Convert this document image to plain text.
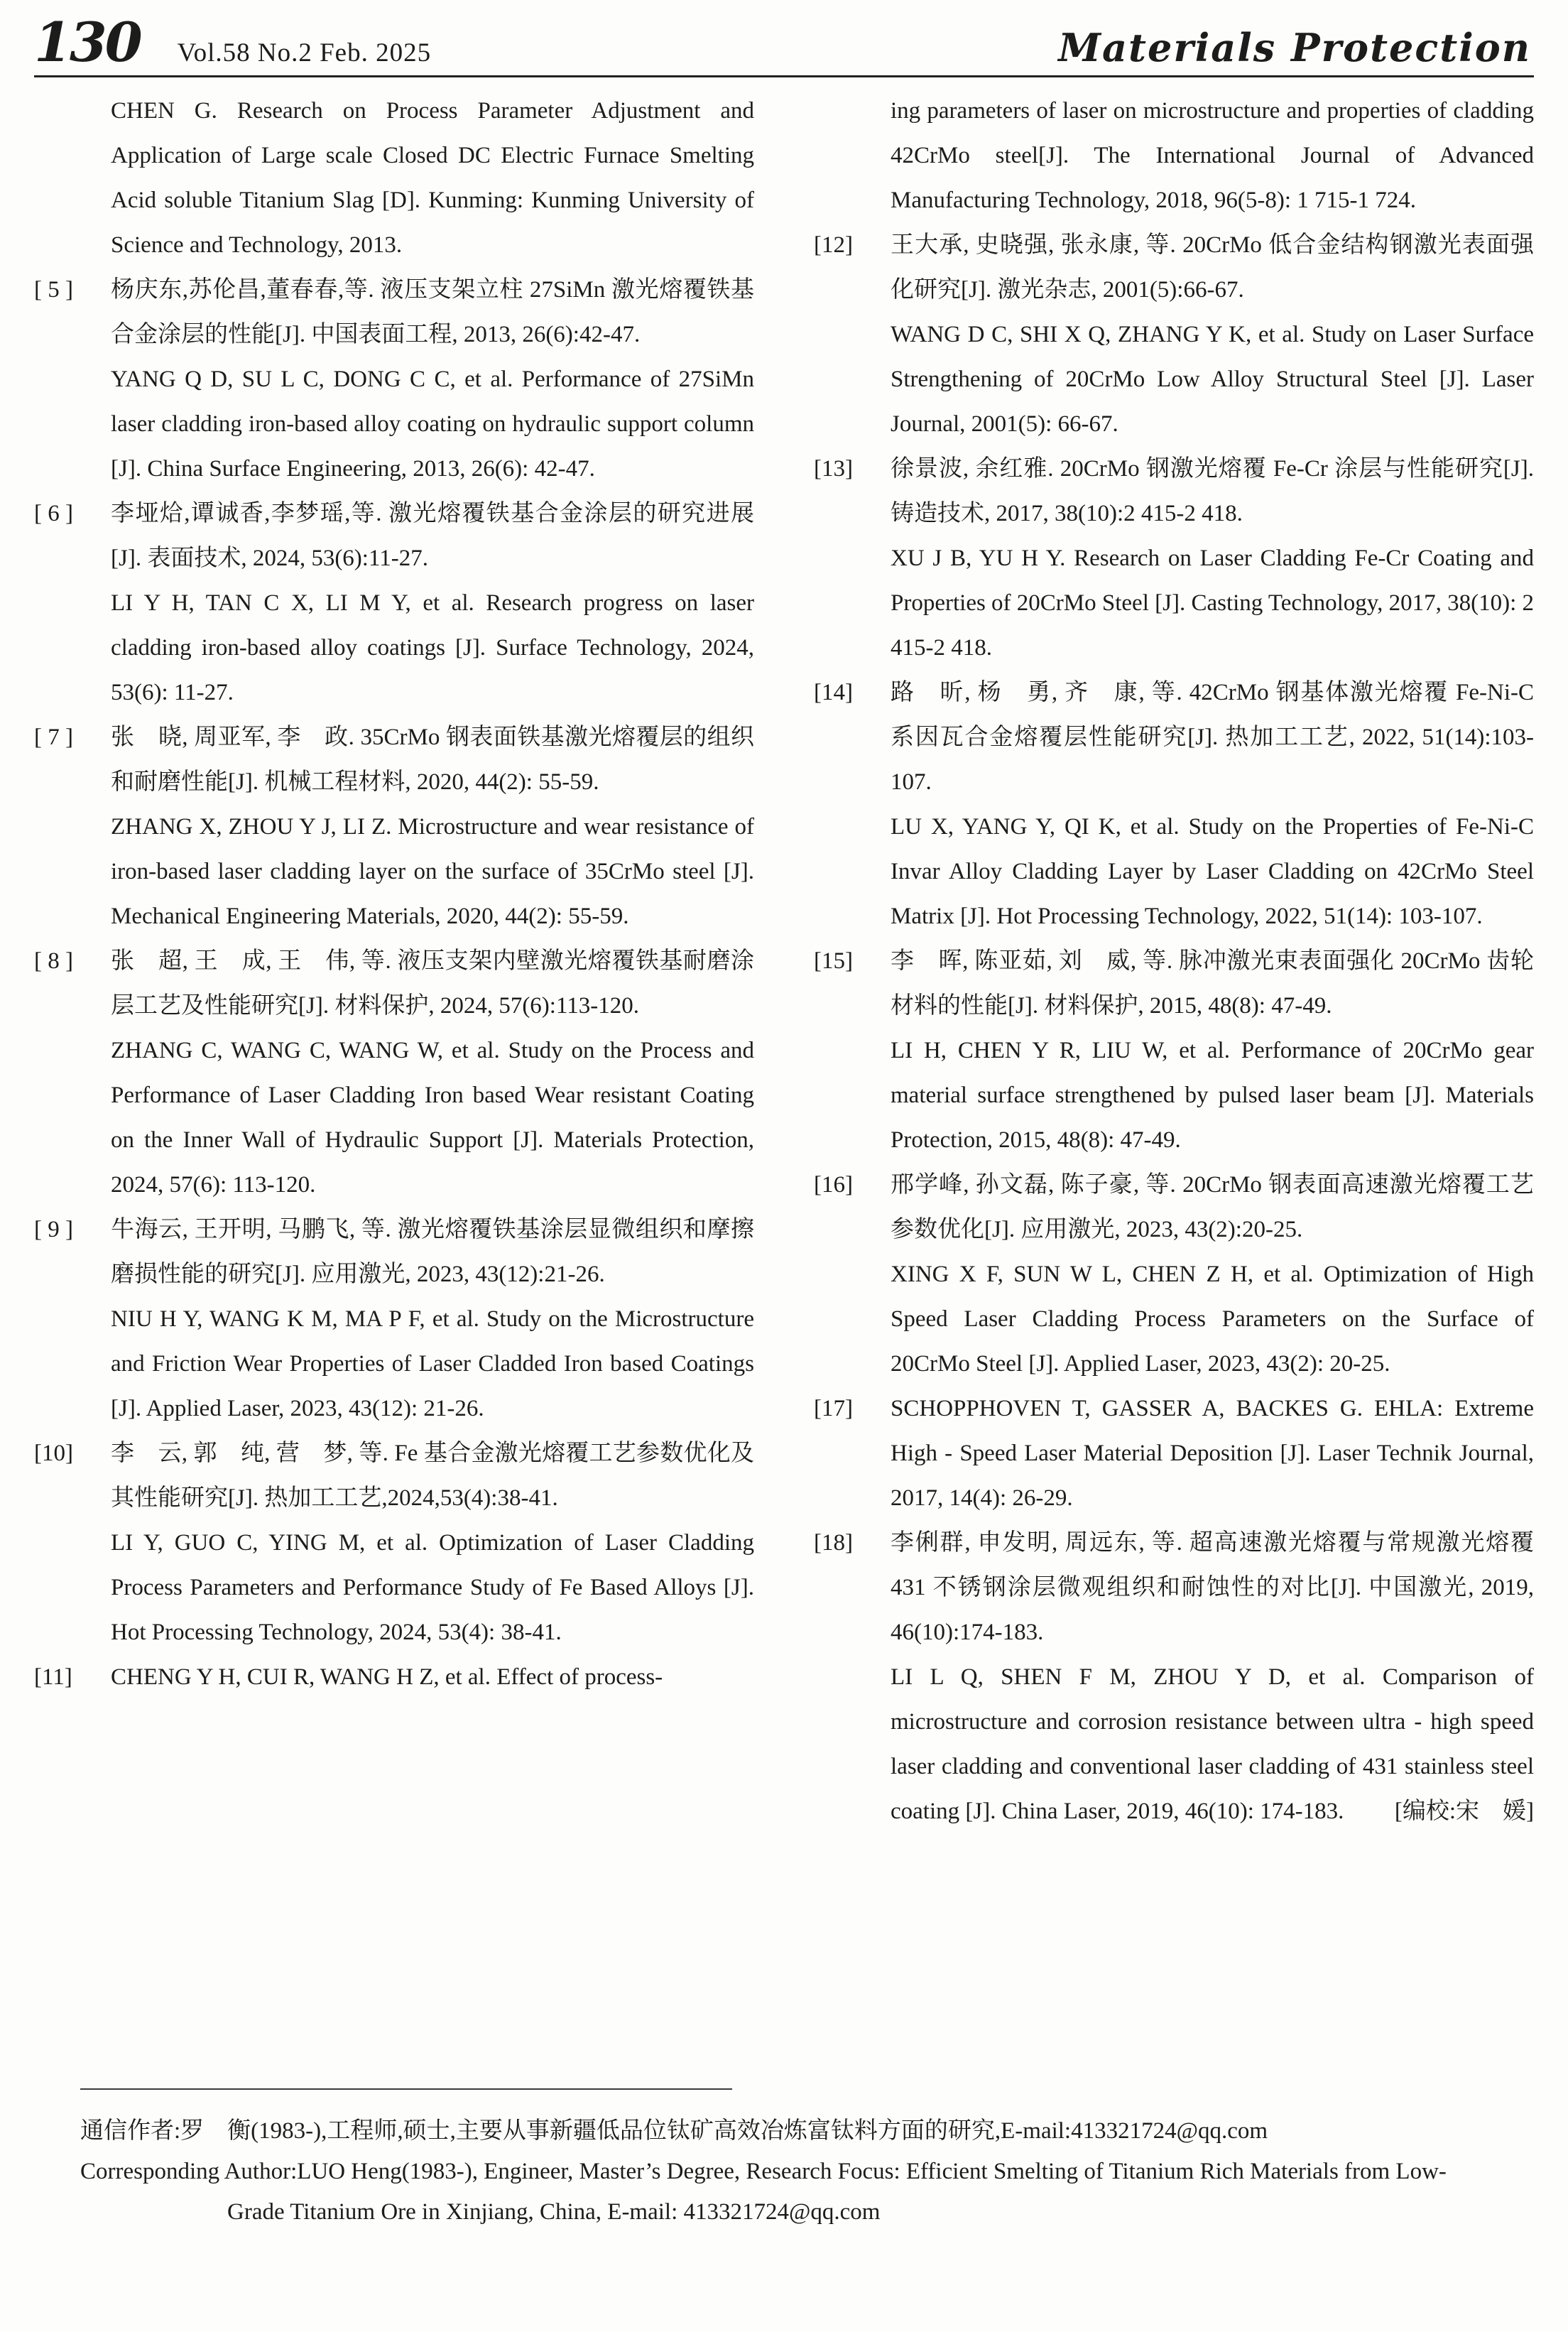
130 Vol.58 No.2 Feb. 2025	Materials Protection
CHEN G. Research on Process Parameter Adjustment and Application of Large scale Closed DC Electric Furnace Smelting Acid soluble Titanium Slag [D]. Kunming: Kunming University of Science and Technology, 2013.
[ 5 ]	杨庆东,苏伦昌,董春春,等. 液压支架立柱 27SiMn 激光熔覆铁基合金涂层的性能[J]. 中国表面工程, 2013, 26(6):42-47.
YANG Q D, SU L C, DONG C C, et al. Performance of 27SiMn laser cladding iron-based alloy coating on hydraulic support column [J]. China Surface Engineering, 2013, 26(6): 42-47.
[ 6 ]	李垭烚,谭诚香,李梦瑶,等. 激光熔覆铁基合金涂层的研究进展[J]. 表面技术, 2024, 53(6):11-27.
LI Y H, TAN C X, LI M Y, et al. Research progress on laser cladding iron-based alloy coatings [J]. Surface Technology, 2024, 53(6): 11-27.
[ 7 ]	张　晓, 周亚军, 李　政. 35CrMo 钢表面铁基激光熔覆层的组织和耐磨性能[J]. 机械工程材料, 2020, 44(2): 55-59.
ZHANG X, ZHOU Y J, LI Z. Microstructure and wear resistance of iron-based laser cladding layer on the surface of 35CrMo steel [J]. Mechanical Engineering Materials, 2020, 44(2): 55-59.
[ 8 ]	张　超, 王　成, 王　伟, 等. 液压支架内壁激光熔覆铁基耐磨涂层工艺及性能研究[J]. 材料保护, 2024, 57(6):113-120.
ZHANG C, WANG C, WANG W, et al. Study on the Process and Performance of Laser Cladding Iron based Wear resistant Coating on the Inner Wall of Hydraulic Support [J]. Materials Protection, 2024, 57(6): 113-120.
[ 9 ]	牛海云, 王开明, 马鹏飞, 等. 激光熔覆铁基涂层显微组织和摩擦磨损性能的研究[J]. 应用激光, 2023, 43(12):21-26.
NIU H Y, WANG K M, MA P F, et al. Study on the Microstructure and Friction Wear Properties of Laser Cladded Iron based Coatings [J]. Applied Laser, 2023, 43(12): 21-26.
[10]	李　云, 郭　纯, 营　梦, 等. Fe 基合金激光熔覆工艺参数优化及其性能研究[J]. 热加工工艺,2024,53(4):38-41.
LI Y, GUO C, YING M, et al. Optimization of Laser Cladding Process Parameters and Performance Study of Fe Based Alloys [J]. Hot Processing Technology, 2024, 53(4): 38-41.
[11]	CHENG Y H, CUI R, WANG H Z, et al. Effect of process-
ing parameters of laser on microstructure and properties of cladding 42CrMo steel[J]. The International Journal of Advanced Manufacturing Technology, 2018, 96(5-8): 1 715-1 724.
[12]	王大承, 史晓强, 张永康, 等. 20CrMo 低合金结构钢激光表面强化研究[J]. 激光杂志, 2001(5):66-67.
WANG D C, SHI X Q, ZHANG Y K, et al. Study on Laser Surface Strengthening of 20CrMo Low Alloy Structural Steel [J]. Laser Journal, 2001(5): 66-67.
[13]	徐景波, 余红雅. 20CrMo 钢激光熔覆 Fe-Cr 涂层与性能研究[J]. 铸造技术, 2017, 38(10):2 415-2 418.
XU J B, YU H Y. Research on Laser Cladding Fe-Cr Coating and Properties of 20CrMo Steel [J]. Casting Technology, 2017, 38(10): 2 415-2 418.
[14]	路　昕, 杨　勇, 齐　康, 等. 42CrMo 钢基体激光熔覆 Fe-Ni-C 系因瓦合金熔覆层性能研究[J]. 热加工工艺, 2022, 51(14):103-107.
LU X, YANG Y, QI K, et al. Study on the Properties of Fe-Ni-C Invar Alloy Cladding Layer by Laser Cladding on 42CrMo Steel Matrix [J]. Hot Processing Technology, 2022, 51(14): 103-107.
[15]	李　晖, 陈亚茹, 刘　威, 等. 脉冲激光束表面强化 20CrMo 齿轮材料的性能[J]. 材料保护, 2015, 48(8): 47-49.
LI H, CHEN Y R, LIU W, et al. Performance of 20CrMo gear material surface strengthened by pulsed laser beam [J]. Materials Protection, 2015, 48(8): 47-49.
[16]	邢学峰, 孙文磊, 陈子豪, 等. 20CrMo 钢表面高速激光熔覆工艺参数优化[J]. 应用激光, 2023, 43(2):20-25.
XING X F, SUN W L, CHEN Z H, et al. Optimization of High Speed Laser Cladding Process Parameters on the Surface of 20CrMo Steel [J]. Applied Laser, 2023, 43(2): 20-25.
[17]	SCHOPPHOVEN T, GASSER A, BACKES G. EHLA: Extreme High - Speed Laser Material Deposition [J]. Laser Technik Journal, 2017, 14(4): 26-29.
[18]	李俐群, 申发明, 周远东, 等. 超高速激光熔覆与常规激光熔覆 431 不锈钢涂层微观组织和耐蚀性的对比[J]. 中国激光, 2019, 46(10):174-183.
LI L Q, SHEN F M, ZHOU Y D, et al. Comparison of microstructure and corrosion resistance between ultra - high speed laser cladding and conventional laser cladding of 431 stainless steel coating [J]. China Laser, 2019, 46(10): 174-183. [编校:宋　媛]

通信作者:罗　衡(1983-),工程师,硕士,主要从事新疆低品位钛矿高效冶炼富钛料方面的研究,E-mail:413321724@qq.com

Corresponding Author:LUO Heng(1983-), Engineer, Master’s Degree, Research Focus: Efficient Smelting of Titanium Rich Materials from Low-Grade Titanium Ore in Xinjiang, China, E-mail: 413321724@qq.com
